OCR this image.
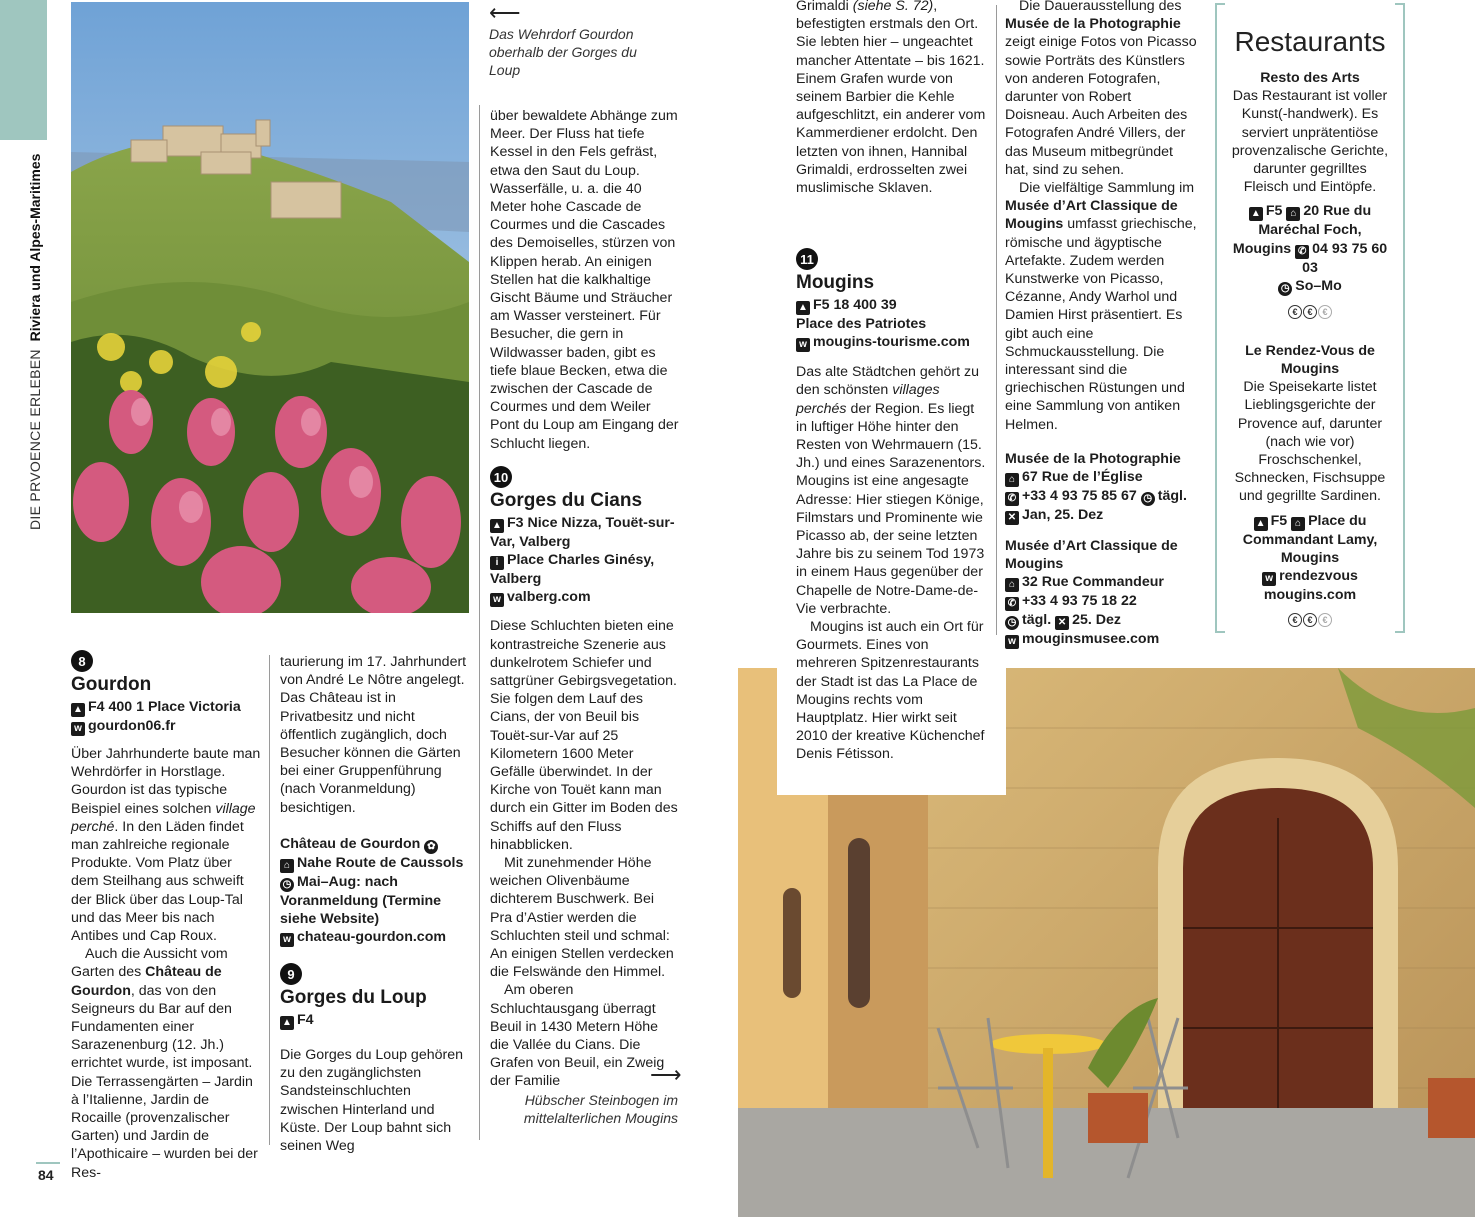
DIE PRVOENCE ERLEBEN Riviera und Alpes-Maritimes
84
⟵
Das Wehrdorf Gourdon oberhalb der Gorges du Loup
8
Gourdon
▲ F4 400 1 Place Victoria
w gourdon06.fr

Über Jahrhunderte baute man Wehrdörfer in Horstlage. Gourdon ist das typische Beispiel eines solchen village perché. In den Läden findet man zahlreiche regionale Produkte. Vom Platz über dem Steilhang aus schweift der Blick über das Loup-Tal und das Meer bis nach Antibes und Cap Roux.

Auch die Aussicht vom Garten des Château de Gourdon, das von den Seigneurs du Bar auf den Fundamenten einer Sarazenenburg (12. Jh.) errichtet wurde, ist imposant. Die Terrassengärten – Jardin à l’Italienne, Jardin de Rocaille (provenzalischer Garten) und Jardin de l’Apothicaire – wurden bei der Res-

taurierung im 17. Jahrhundert von André Le Nôtre angelegt. Das Château ist in Privatbesitz und nicht öffentlich zugänglich, doch Besucher können die Gärten bei einer Gruppenführung (nach Voranmeldung) besichtigen.
Château de Gourdon ✿
⌂ Nahe Route de Caussols
◷ Mai–Aug: nach Voranmeldung (Termine siehe Website)
w chateau-gourdon.com
9
Gorges du Loup
▲ F4
Die Gorges du Loup gehören zu den zugänglichsten Sandsteinschluchten zwischen Hinterland und Küste. Der Loup bahnt sich seinen Weg
über bewaldete Abhänge zum Meer. Der Fluss hat tiefe Kessel in den Fels gefräst, etwa den Saut du Loup. Wasserfälle, u. a. die 40 Meter hohe Cascade de Courmes und die Cascades des Demoiselles, stürzen von Klippen herab. An einigen Stellen hat die kalkhaltige Gischt Bäume und Sträucher am Wasser versteinert. Für Besucher, die gern in Wildwasser baden, gibt es tiefe blaue Becken, etwa die zwischen der Cascade de Courmes und dem Weiler Pont du Loup am Eingang der Schlucht liegen.
10
Gorges du Cians
▲ F3 Nice Nizza, Touët-sur-Var, Valberg
i Place Charles Ginésy, Valberg
w valberg.com

Diese Schluchten bieten eine kontrastreiche Szenerie aus dunkelrotem Schiefer und sattgrüner Gebirgsvegetation. Sie folgen dem Lauf des Cians, der von Beuil bis Touët-sur-Var auf 25 Kilometern 1600 Meter Gefälle überwindet. In der Kirche von Touët kann man durch ein Gitter im Boden des Schiffs auf den Fluss hinabblicken.

Mit zunehmender Höhe weichen Olivenbäume dichterem Buschwerk. Bei Pra d’Astier werden die Schluchten steil und schmal: An einigen Stellen verdecken die Felswände den Himmel.

Am oberen Schluchtausgang überragt Beuil in 1430 Metern Höhe die Vallée du Cians. Die Grafen von Beuil, ein Zweig der Familie	⟶
Hübscher Steinbogen im mittelalterlichen Mougins
Grimaldi (siehe S. 72), befestigten erstmals den Ort. Sie lebten hier – ungeachtet mancher Attentate – bis 1621. Einem Grafen wurde von seinem Barbier die Kehle aufgeschlitzt, ein anderer vom Kammerdiener erdolcht. Den letzten von ihnen, Hannibal Grimaldi, erdrosselten zwei muslimische Sklaven.
11
Mougins
▲ F5 18 400 39
Place des Patriotes
w mougins-tourisme.com

Das alte Städtchen gehört zu den schönsten villages perchés der Region. Es liegt in luftiger Höhe hinter den Resten von Wehrmauern (15. Jh.) und eines Sarazenentors. Mougins ist eine angesagte Adresse: Hier stiegen Könige, Filmstars und Prominente wie Picasso ab, der seine letzten Jahre bis zu seinem Tod 1973 in einem Haus gegenüber der Chapelle de Notre-Dame-de-Vie verbrachte.

Mougins ist auch ein Ort für Gourmets. Eines von mehreren Spitzenrestaurants der Stadt ist das La Place de Mougins rechts vom Hauptplatz. Hier wirkt seit 2010 der kreative Küchenchef Denis Fétisson.

Die Dauerausstellung des Musée de la Photographie zeigt einige Fotos von Picasso sowie Porträts des Künstlers von anderen Fotografen, darunter von Robert Doisneau. Auch Arbeiten des Fotografen André Villers, der das Museum mitbegründet hat, sind zu sehen.

Die vielfältige Sammlung im Musée d’Art Classique de Mougins umfasst griechische, römische und ägyptische Artefakte. Zudem werden Kunstwerke von Picasso, Cézanne, Andy Warhol und Damien Hirst präsentiert. Es gibt auch eine Schmuckausstellung. Die interessant sind die griechischen Rüstungen und eine Sammlung von antiken Helmen.

Musée de la Photographie
⌂ 67 Rue de l’Église
✆ +33 4 93 75 85 67 ◷ tägl.
✕ Jan, 25. Dez
Musée d’Art Classique de Mougins
⌂ 32 Rue Commandeur
✆ +33 4 93 75 18 22
◷ tägl. ✕ 25. Dez
w mouginsmusee.com
Restaurants
Resto des Arts
Das Restaurant ist voller Kunst(-handwerk). Es serviert unprätentiöse provenzalische Gerichte, darunter gegrilltes Fleisch und Eintöpfe.
▲ F5 ⌂ 20 Rue du Maréchal Foch, Mougins ✆ 04 93 75 60 03
◷ So–Mo
€	€	€
Le Rendez-Vous de Mougins
Die Speisekarte listet Lieblingsgerichte der Provence auf, darunter (nach wie vor) Froschschenkel, Schnecken, Fischsuppe und gegrillte Sardinen.
▲ F5 ⌂ Place du Commandant Lamy, Mougins
w rendezvous mougins.com
€	€	€
